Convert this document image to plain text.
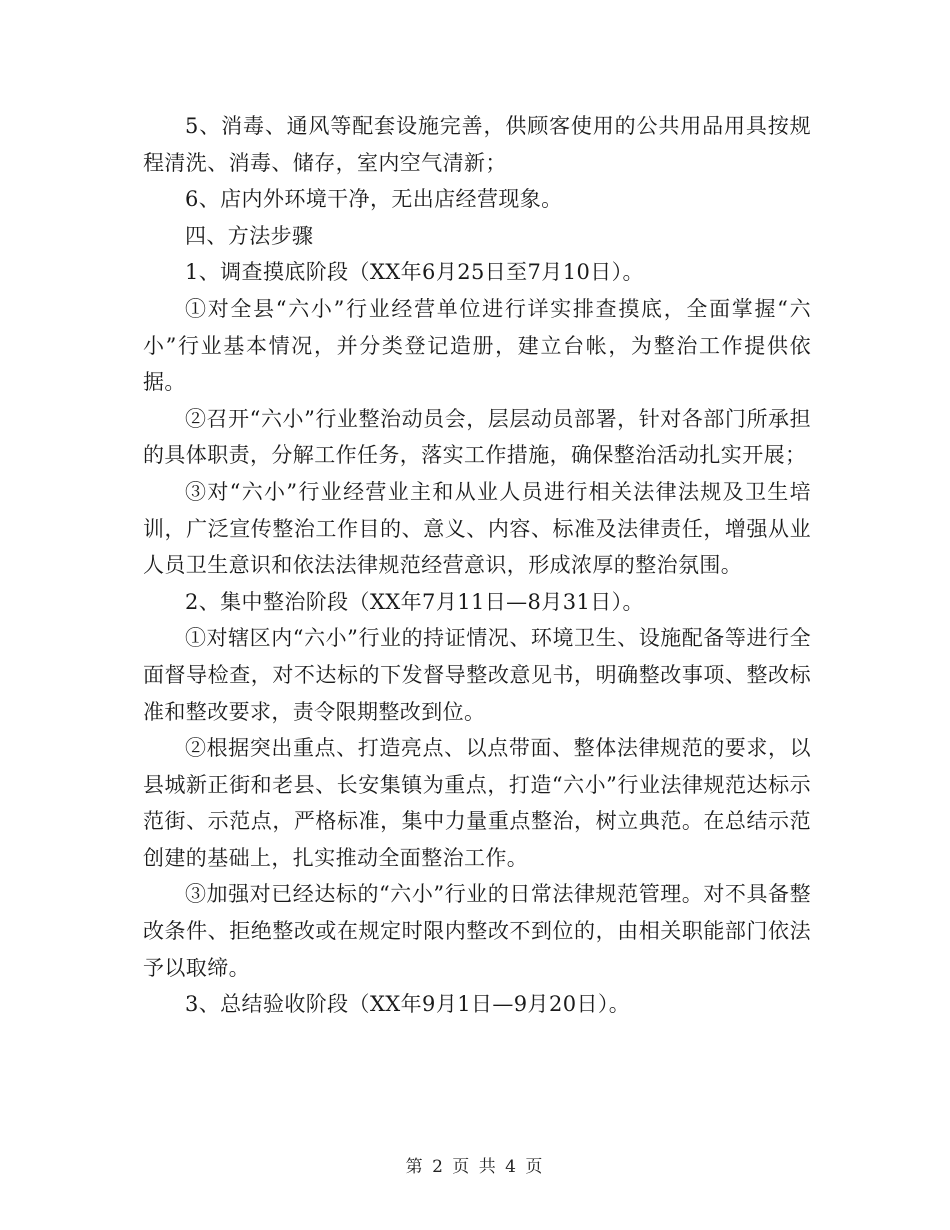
5、消毒、通风等配套设施完善，供顾客使用的公共用品用具按规程清洗、消毒、储存，室内空气清新；

6、店内外环境干净，无出店经营现象。

四、方法步骤

1、调查摸底阶段（XX年6月25日至7月10日）。

①对全县“六小”行业经营单位进行详实排查摸底，全面掌握“六小”行业基本情况，并分类登记造册，建立台帐，为整治工作提供依据。

②召开“六小”行业整治动员会，层层动员部署，针对各部门所承担的具体职责，分解工作任务，落实工作措施，确保整治活动扎实开展；

③对“六小”行业经营业主和从业人员进行相关法律法规及卫生培训，广泛宣传整治工作目的、意义、内容、标准及法律责任，增强从业人员卫生意识和依法法律规范经营意识，形成浓厚的整治氛围。

2、集中整治阶段（XX年7月11日—8月31日）。

①对辖区内“六小”行业的持证情况、环境卫生、设施配备等进行全面督导检查，对不达标的下发督导整改意见书，明确整改事项、整改标准和整改要求，责令限期整改到位。

②根据突出重点、打造亮点、以点带面、整体法律规范的要求，以县城新正街和老县、长安集镇为重点，打造“六小”行业法律规范达标示范街、示范点，严格标准，集中力量重点整治，树立典范。在总结示范创建的基础上，扎实推动全面整治工作。

③加强对已经达标的“六小”行业的日常法律规范管理。对不具备整改条件、拒绝整改或在规定时限内整改不到位的，由相关职能部门依法予以取缔。

3、总结验收阶段（XX年9月1日—9月20日）。

第 2 页 共 4 页
